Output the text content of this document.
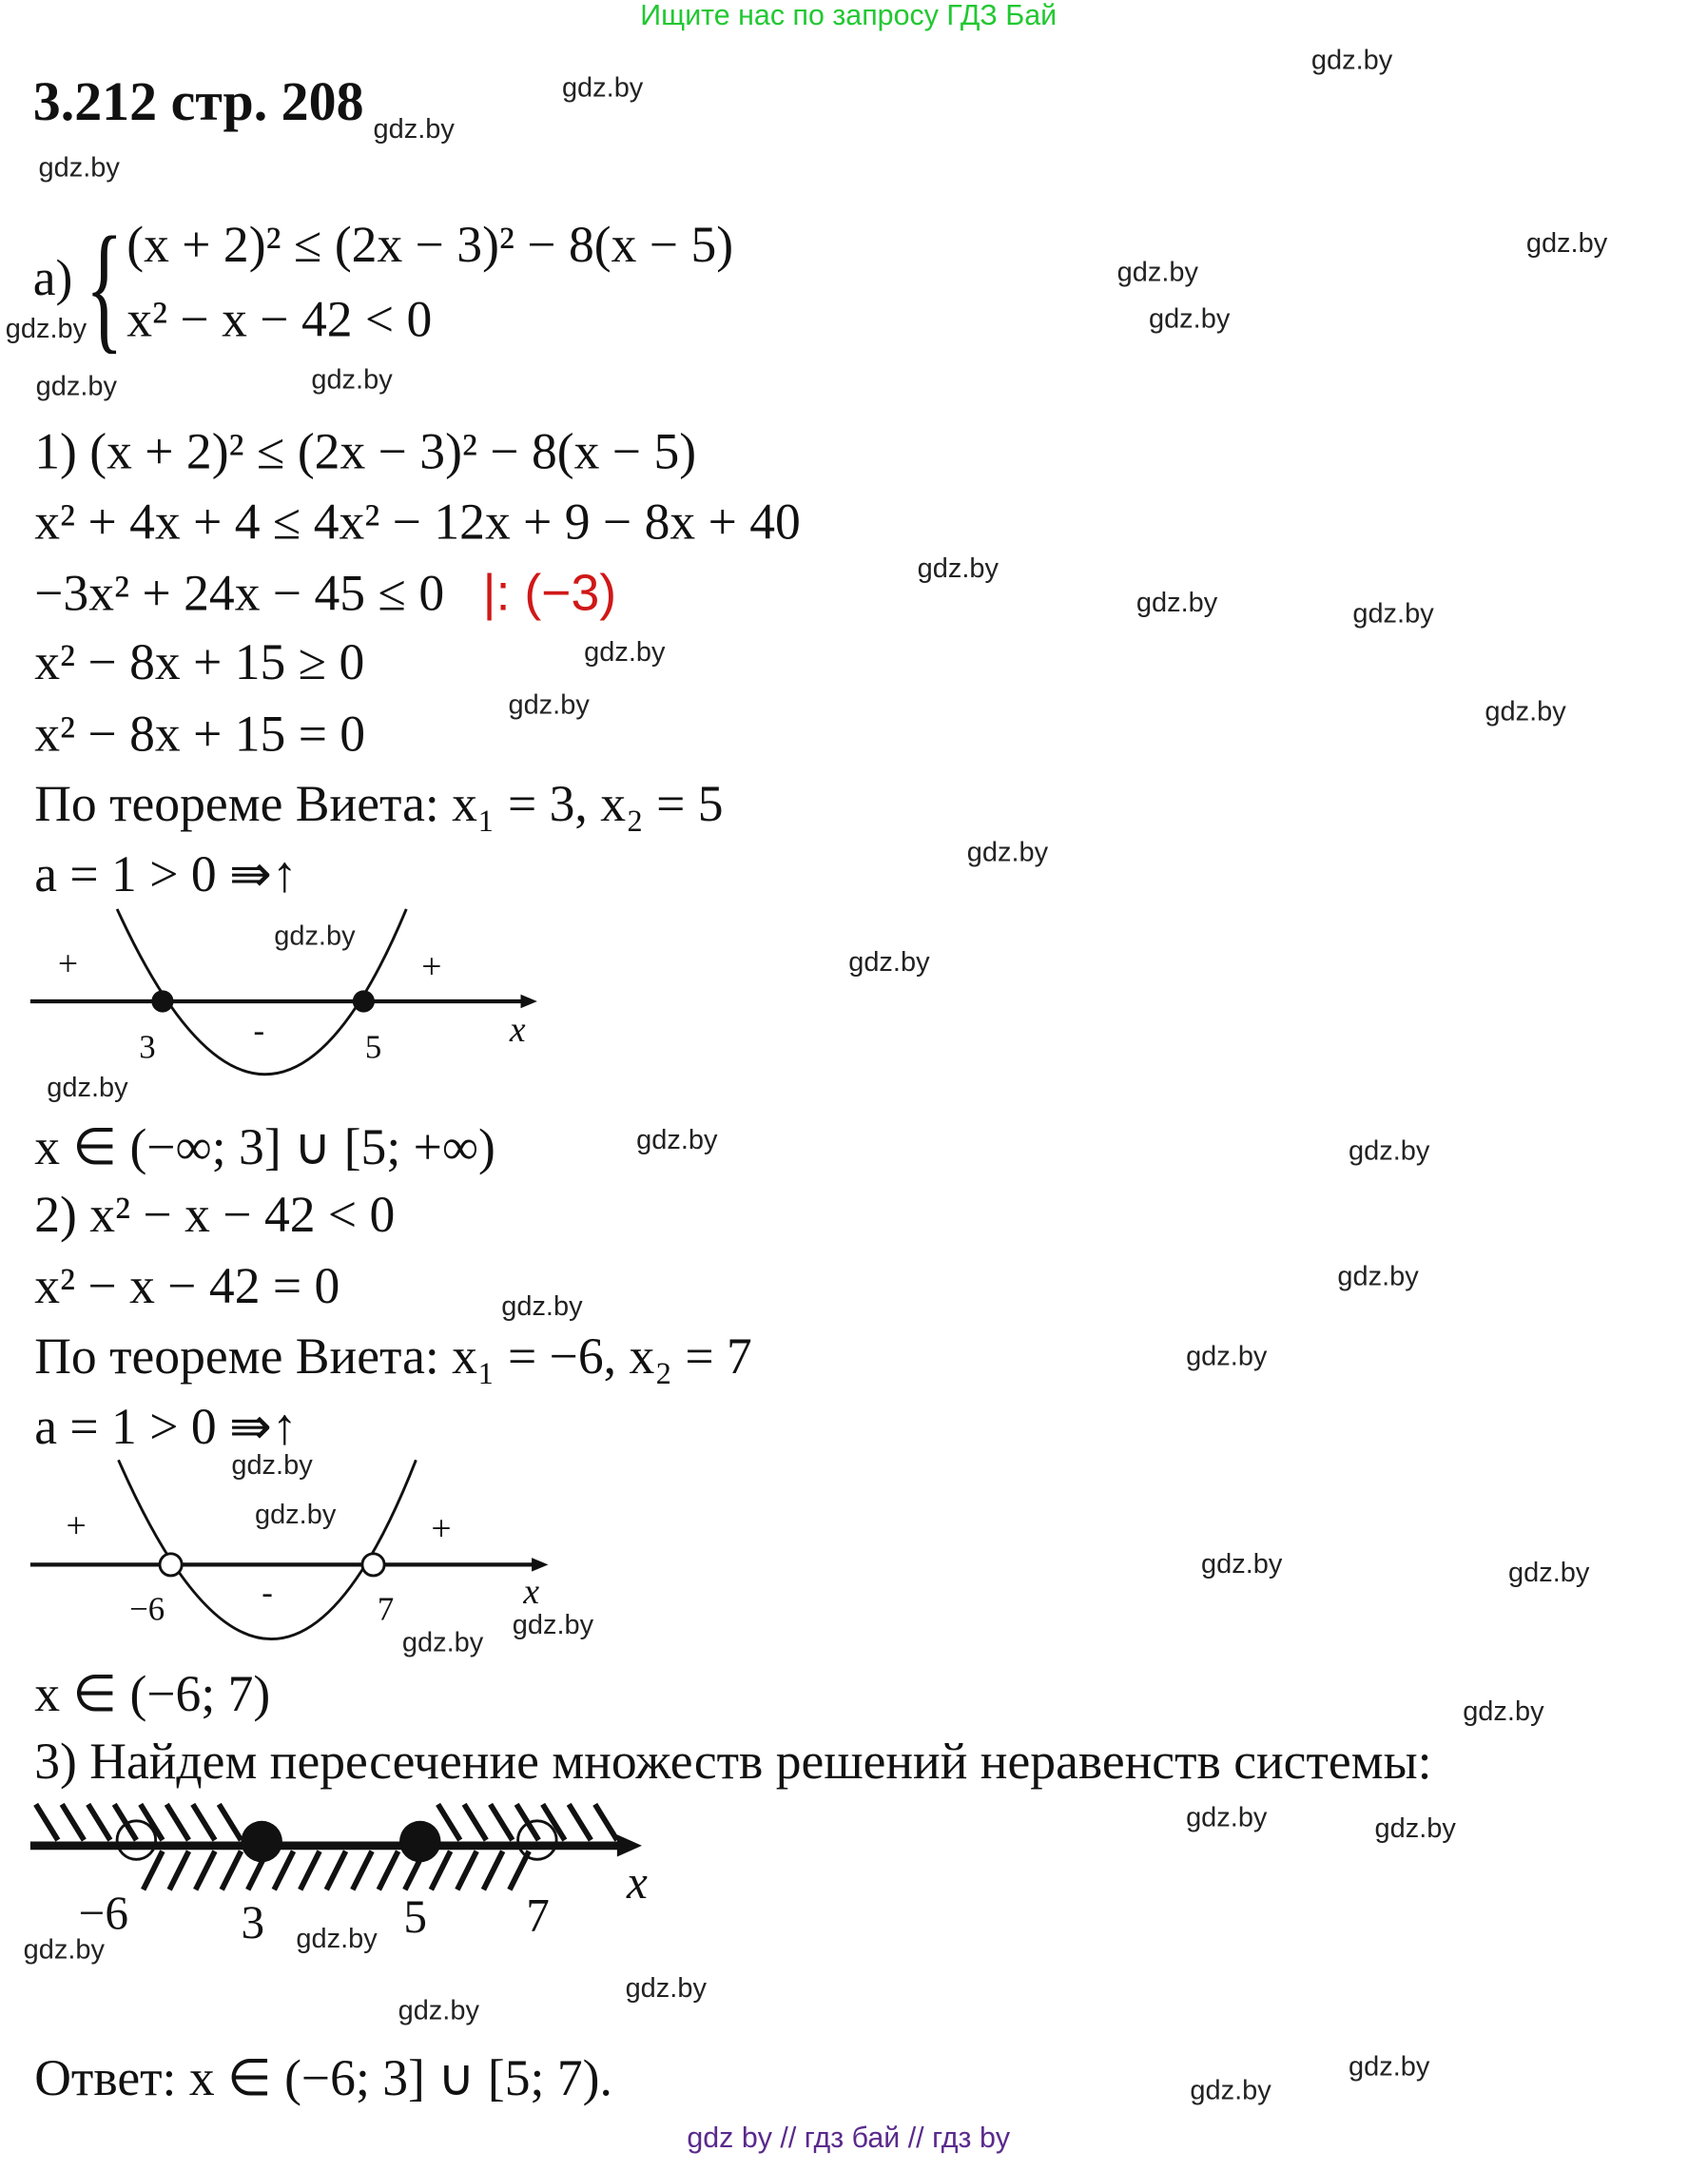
Ищите нас по запросу ГДЗ Бай
3.212 стр. 208
gdz.by
gdz.by
gdz.by
gdz.by
gdz.by
gdz.by
gdz.by	gdz.by
gdz.by	gdz.by
gdz.by
gdz.by	gdz.by
gdz.by
gdz.by
gdz.by
gdz.by
gdz.by
gdz.by
gdz.by
gdz.by	gdz.by
gdz.by
gdz.by
gdz.by
gdz.by
gdz.by
gdz.by	gdz.by
gdz.by
gdz.by
gdz.by
gdz.by	gdz.by
gdz.by	gdz.by
gdz.by
gdz.by
gdz.by
gdz.by
а) { (x + 2)² ≤ (2x − 3)² − 8(x − 5)
x² − x − 42 < 0
1) (x + 2)² ≤ (2x − 3)² − 8(x − 5)
x² + 4x + 4 ≤ 4x² − 12x + 9 − 8x + 40
−3x² + 24x − 45 ≤ 0 |: (−3)
x² − 8x + 15 ≥ 0
x² − 8x + 15 = 0
По теореме Виета: x₁ = 3, x₂ = 5
a = 1 > 0 ⇛↑
x ∈ (−∞; 3] ∪ [5; +∞)
2) x² − x − 42 < 0
x² − x − 42 = 0
По теореме Виета: x₁ = −6, x₂ = 7
a = 1 > 0 ⇛↑
x ∈ (−6; 7)
3) Найдем пересечение множеств решений неравенств системы:
Ответ: x ∈ (−6; 3] ∪ [5; 7).
+
-
+
3	5	x
+
-
+
−6	7	x
−6	3	5	7
x
gdz by // гдз бай // гдз by
